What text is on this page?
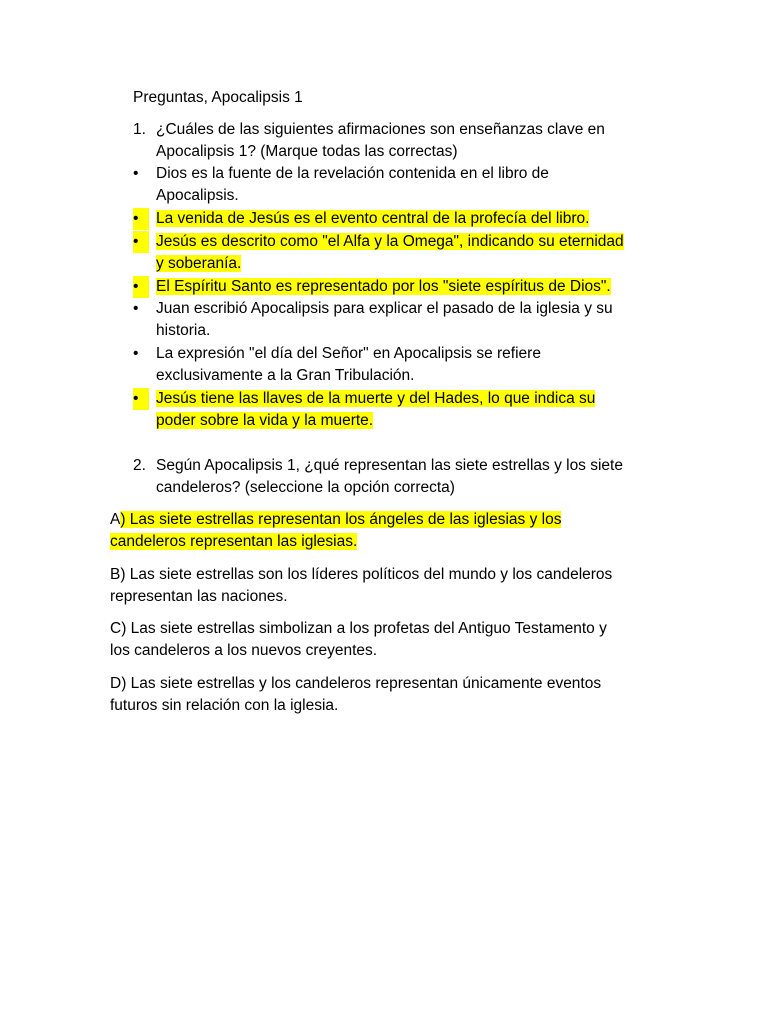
Preguntas, Apocalipsis 1
1. ¿Cuáles de las siguientes afirmaciones son enseñanzas clave en
Apocalipsis 1? (Marque todas las correctas)
•	Dios es la fuente de la revelación contenida en el libro de
Apocalipsis.
•	La venida de Jesús es el evento central de la profecía del libro.
•	Jesús es descrito como "el Alfa y la Omega", indicando su eternidad
y soberanía.
•	El Espíritu Santo es representado por los "siete espíritus de Dios".
•	Juan escribió Apocalipsis para explicar el pasado de la iglesia y su
historia.
•	La expresión "el día del Señor" en Apocalipsis se refiere
exclusivamente a la Gran Tribulación.
•	Jesús tiene las llaves de la muerte y del Hades, lo que indica su
poder sobre la vida y la muerte.
2. Según Apocalipsis 1, ¿qué representan las siete estrellas y los siete
candeleros? (seleccione la opción correcta)
A) Las siete estrellas representan los ángeles de las iglesias y los
candeleros representan las iglesias.
B) Las siete estrellas son los líderes políticos del mundo y los candeleros
representan las naciones.
C) Las siete estrellas simbolizan a los profetas del Antiguo Testamento y
los candeleros a los nuevos creyentes.
D) Las siete estrellas y los candeleros representan únicamente eventos
futuros sin relación con la iglesia.
